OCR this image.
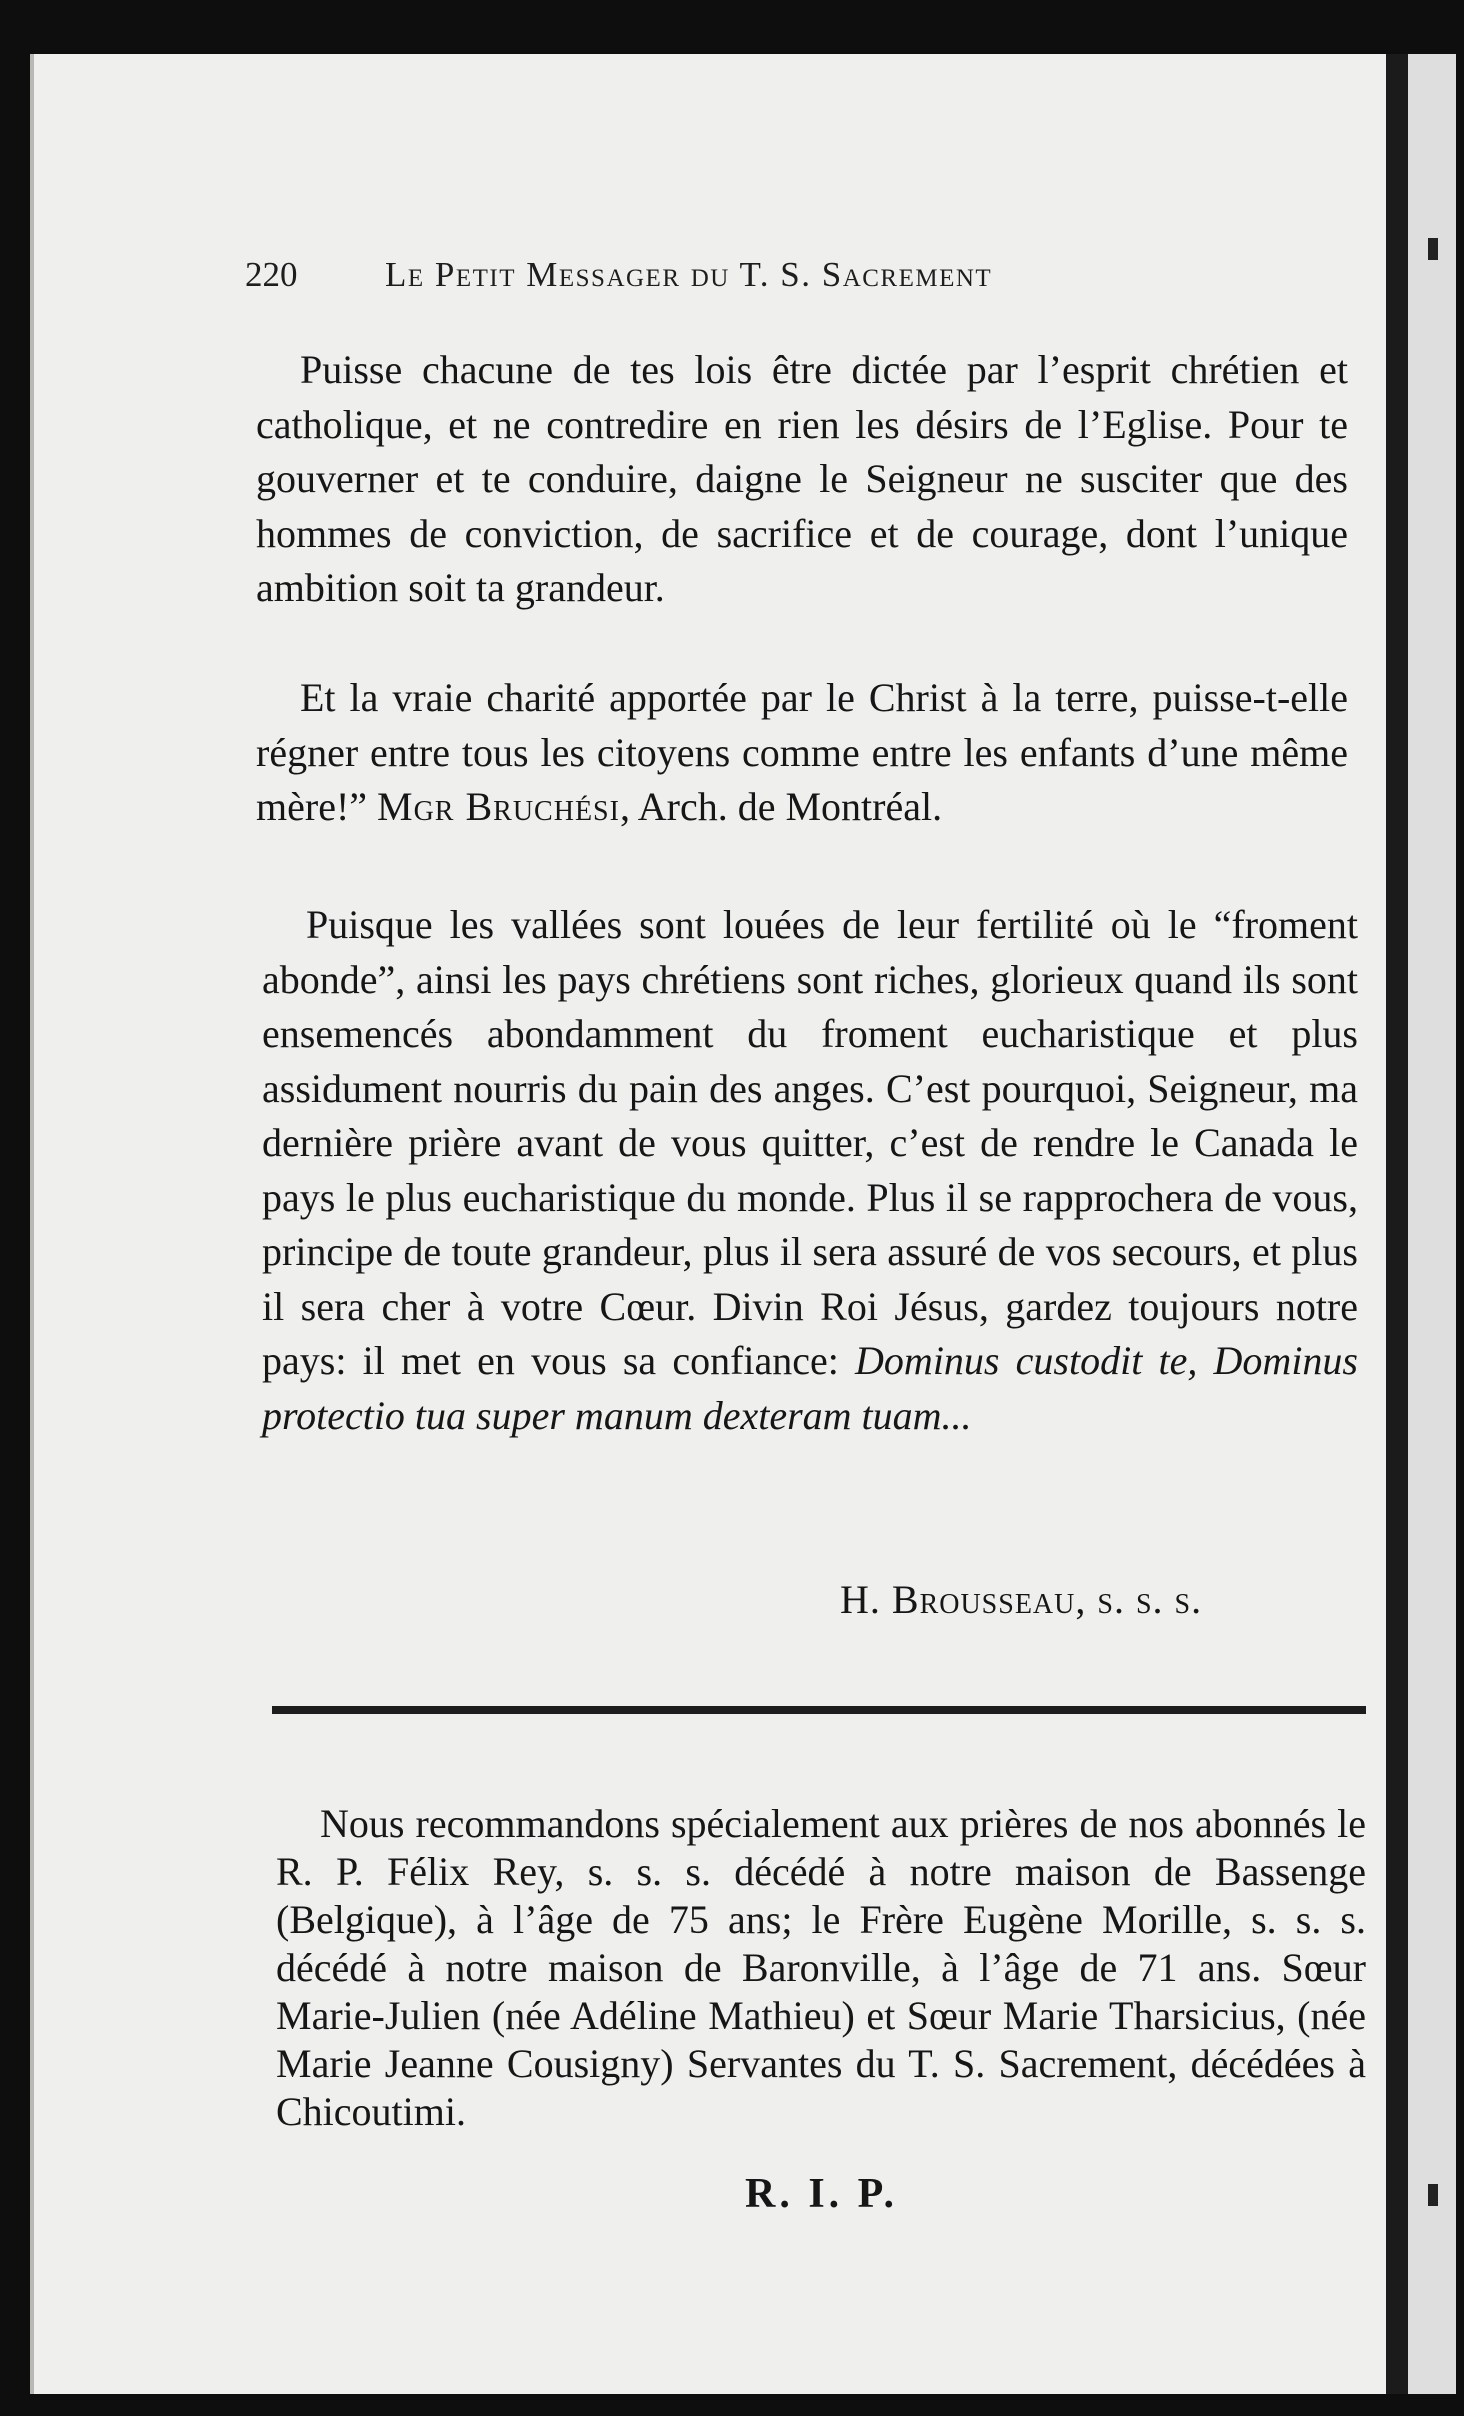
220	Le Petit Messager du T. S. Sacrement

Puisse chacune de tes lois être dictée par l’esprit chrétien et catholique, et ne contredire en rien les désirs de l’Eglise. Pour te gouverner et te conduire, daigne le Seigneur ne susciter que des hommes de conviction, de sacrifice et de courage, dont l’unique ambition soit ta grandeur.

Et la vraie charité apportée par le Christ à la terre, puisse-t-elle régner entre tous les citoyens comme entre les enfants d’une même mère!” Mgr Bruchési, Arch. de Montréal.

Puisque les vallées sont louées de leur fertilité où le “froment abonde”, ainsi les pays chrétiens sont riches, glorieux quand ils sont ensemencés abondamment du froment eucharistique et plus assidument nourris du pain des anges. C’est pourquoi, Seigneur, ma dernière prière avant de vous quitter, c’est de rendre le Canada le pays le plus eucharistique du monde. Plus il se rapprochera de vous, principe de toute grandeur, plus il sera assuré de vos secours, et plus il sera cher à votre Cœur. Divin Roi Jésus, gardez toujours notre pays: il met en vous sa confiance: Dominus custodit te, Dominus protectio tua super manum dexteram tuam...

H. Brousseau, s. s. s.

Nous recommandons spécialement aux prières de nos abonnés le R. P. Félix Rey, s. s. s. décédé à notre maison de Bassenge (Belgique), à l’âge de 75 ans; le Frère Eugène Morille, s. s. s. décédé à notre maison de Baronville, à l’âge de 71 ans. Sœur Marie-Julien (née Adéline Mathieu) et Sœur Marie Tharsicius, (née Marie Jeanne Cousigny) Servantes du T. S. Sacrement, décédées à Chicoutimi.

R. I. P.
